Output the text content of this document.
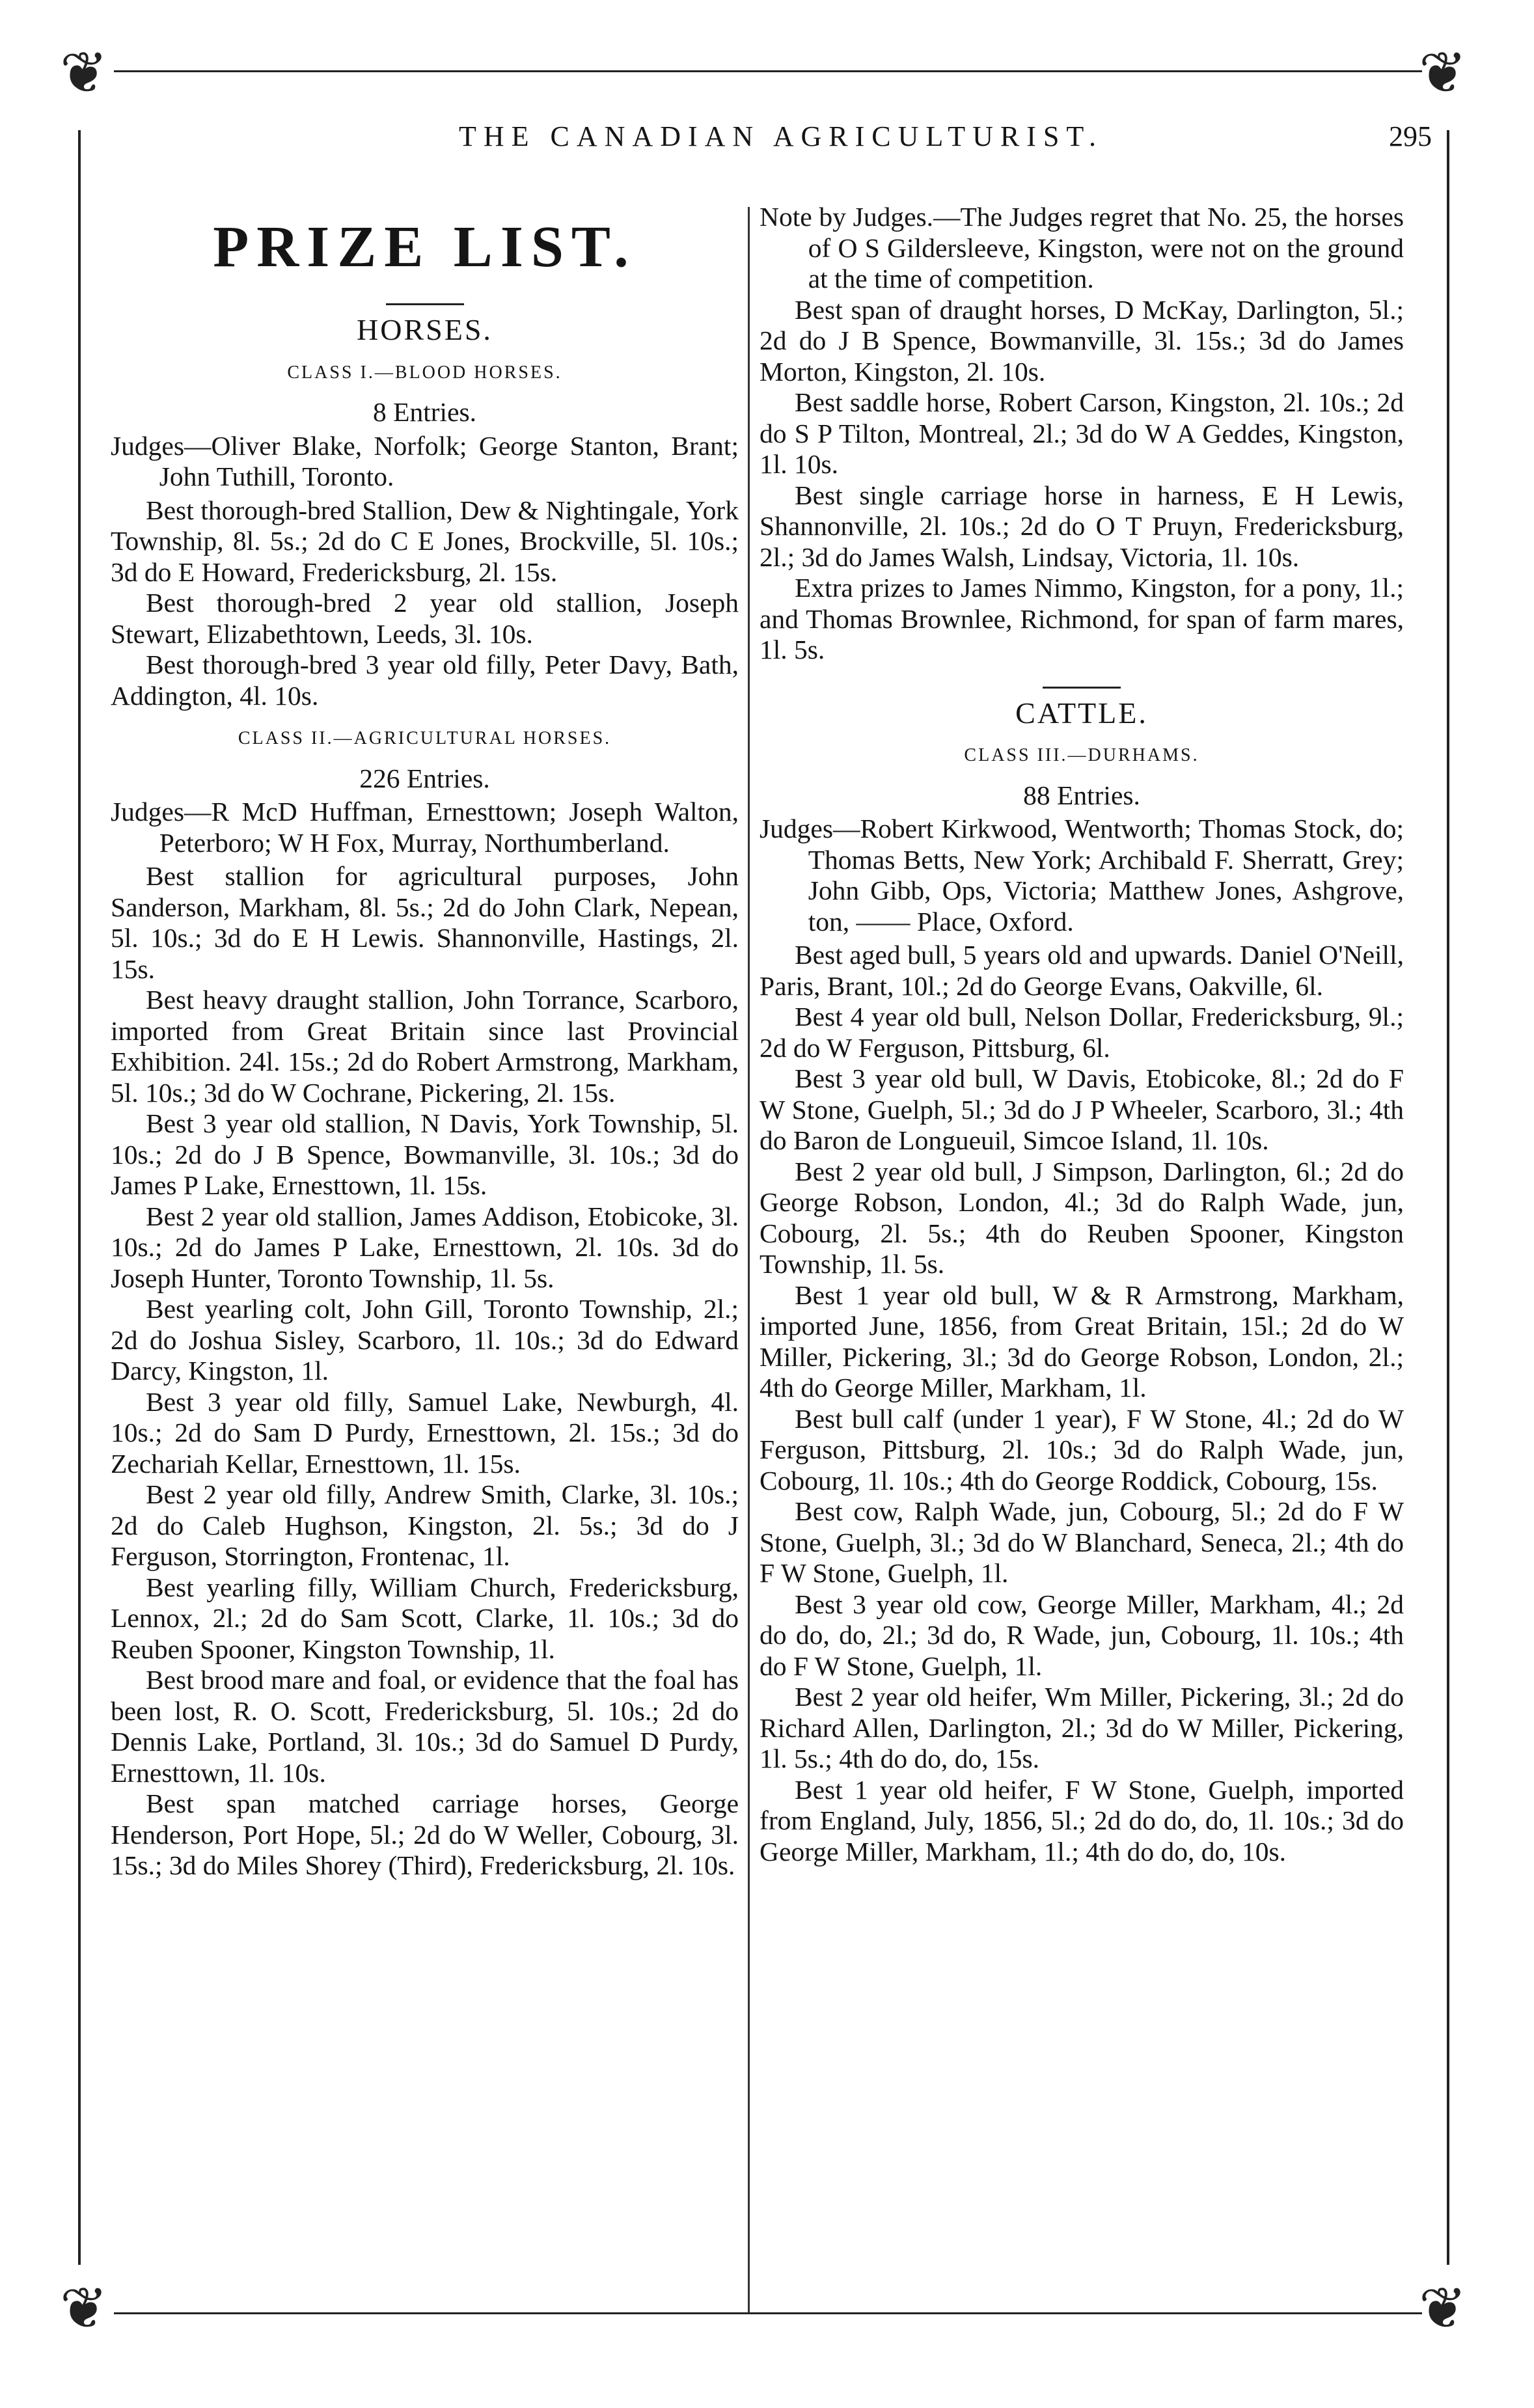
❦	❦
❦	❦
THE CANADIAN AGRICULTURIST.	295
PRIZE LIST.
HORSES.
CLASS I.—BLOOD HORSES.
8 Entries.
Judges—Oliver Blake, Norfolk; George Stanton, Brant; John Tuthill, Toronto.
Best thorough-bred Stallion, Dew & Nightingale, York Township, 8l. 5s.; 2d do C E Jones, Brockville, 5l. 10s.; 3d do E Howard, Fredericksburg, 2l. 15s.
Best thorough-bred 2 year old stallion, Joseph Stewart, Elizabethtown, Leeds, 3l. 10s.
Best thorough-bred 3 year old filly, Peter Davy, Bath, Addington, 4l. 10s.
CLASS II.—AGRICULTURAL HORSES.
226 Entries.
Judges—R McD Huffman, Ernesttown; Joseph Walton, Peterboro; W H Fox, Murray, Northumberland.
Best stallion for agricultural purposes, John Sanderson, Markham, 8l. 5s.; 2d do John Clark, Nepean, 5l. 10s.; 3d do E H Lewis. Shannonville, Hastings, 2l. 15s.
Best heavy draught stallion, John Torrance, Scarboro, imported from Great Britain since last Provincial Exhibition. 24l. 15s.; 2d do Robert Armstrong, Markham, 5l. 10s.; 3d do W Cochrane, Pickering, 2l. 15s.
Best 3 year old stallion, N Davis, York Township, 5l. 10s.; 2d do J B Spence, Bowmanville, 3l. 10s.; 3d do James P Lake, Ernesttown, 1l. 15s.
Best 2 year old stallion, James Addison, Etobicoke, 3l. 10s.; 2d do James P Lake, Ernesttown, 2l. 10s. 3d do Joseph Hunter, Toronto Township, 1l. 5s.
Best yearling colt, John Gill, Toronto Township, 2l.; 2d do Joshua Sisley, Scarboro, 1l. 10s.; 3d do Edward Darcy, Kingston, 1l.
Best 3 year old filly, Samuel Lake, Newburgh, 4l. 10s.; 2d do Sam D Purdy, Ernesttown, 2l. 15s.; 3d do Zechariah Kellar, Ernesttown, 1l. 15s.
Best 2 year old filly, Andrew Smith, Clarke, 3l. 10s.; 2d do Caleb Hughson, Kingston, 2l. 5s.; 3d do J Ferguson, Storrington, Frontenac, 1l.
Best yearling filly, William Church, Fredericksburg, Lennox, 2l.; 2d do Sam Scott, Clarke, 1l. 10s.; 3d do Reuben Spooner, Kingston Township, 1l.
Best brood mare and foal, or evidence that the foal has been lost, R. O. Scott, Fredericksburg, 5l. 10s.; 2d do Dennis Lake, Portland, 3l. 10s.; 3d do Samuel D Purdy, Ernesttown, 1l. 10s.
Best span matched carriage horses, George Henderson, Port Hope, 5l.; 2d do W Weller, Cobourg, 3l. 15s.; 3d do Miles Shorey (Third), Fredericksburg, 2l. 10s.
Note by Judges.—The Judges regret that No. 25, the horses of O S Gildersleeve, Kingston, were not on the ground at the time of competition.
Best span of draught horses, D McKay, Darlington, 5l.; 2d do J B Spence, Bowmanville, 3l. 15s.; 3d do James Morton, Kingston, 2l. 10s.
Best saddle horse, Robert Carson, Kingston, 2l. 10s.; 2d do S P Tilton, Montreal, 2l.; 3d do W A Geddes, Kingston, 1l. 10s.
Best single carriage horse in harness, E H Lewis, Shannonville, 2l. 10s.; 2d do O T Pruyn, Fredericksburg, 2l.; 3d do James Walsh, Lindsay, Victoria, 1l. 10s.
Extra prizes to James Nimmo, Kingston, for a pony, 1l.; and Thomas Brownlee, Richmond, for span of farm mares, 1l. 5s.
CATTLE.
CLASS III.—DURHAMS.
88 Entries.
Judges—Robert Kirkwood, Wentworth; Thomas Stock, do; Thomas Betts, New York; Archibald F. Sherratt, Grey; John Gibb, Ops, Victoria; Matthew Jones, Ashgrove, ton, —— Place, Oxford.
Best aged bull, 5 years old and upwards. Daniel O'Neill, Paris, Brant, 10l.; 2d do George Evans, Oakville, 6l.
Best 4 year old bull, Nelson Dollar, Fredericksburg, 9l.; 2d do W Ferguson, Pittsburg, 6l.
Best 3 year old bull, W Davis, Etobicoke, 8l.; 2d do F W Stone, Guelph, 5l.; 3d do J P Wheeler, Scarboro, 3l.; 4th do Baron de Longueuil, Simcoe Island, 1l. 10s.
Best 2 year old bull, J Simpson, Darlington, 6l.; 2d do George Robson, London, 4l.; 3d do Ralph Wade, jun, Cobourg, 2l. 5s.; 4th do Reuben Spooner, Kingston Township, 1l. 5s.
Best 1 year old bull, W & R Armstrong, Markham, imported June, 1856, from Great Britain, 15l.; 2d do W Miller, Pickering, 3l.; 3d do George Robson, London, 2l.; 4th do George Miller, Markham, 1l.
Best bull calf (under 1 year), F W Stone, 4l.; 2d do W Ferguson, Pittsburg, 2l. 10s.; 3d do Ralph Wade, jun, Cobourg, 1l. 10s.; 4th do George Roddick, Cobourg, 15s.
Best cow, Ralph Wade, jun, Cobourg, 5l.; 2d do F W Stone, Guelph, 3l.; 3d do W Blanchard, Seneca, 2l.; 4th do F W Stone, Guelph, 1l.
Best 3 year old cow, George Miller, Markham, 4l.; 2d do do, do, 2l.; 3d do, R Wade, jun, Cobourg, 1l. 10s.; 4th do F W Stone, Guelph, 1l.
Best 2 year old heifer, Wm Miller, Pickering, 3l.; 2d do Richard Allen, Darlington, 2l.; 3d do W Miller, Pickering, 1l. 5s.; 4th do do, do, 15s.
Best 1 year old heifer, F W Stone, Guelph, imported from England, July, 1856, 5l.; 2d do do, do, 1l. 10s.; 3d do George Miller, Markham, 1l.; 4th do do, do, 10s.
